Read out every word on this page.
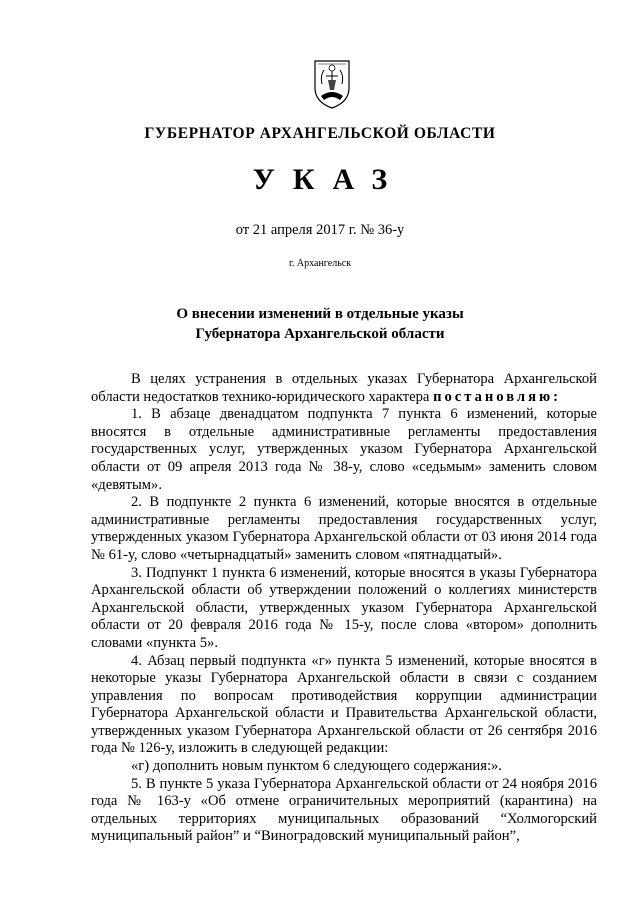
ГУБЕРНАТОР АРХАНГЕЛЬСКОЙ ОБЛАСТИ
УКАЗ
от 21 апреля 2017 г. № 36-у
г. Архангельск
О внесении изменений в отдельные указы
Губернатора Архангельской области

В целях устранения в отдельных указах Губернатора Архангельской области недостатков технико-юридического характера постановляю:

1. В абзаце двенадцатом подпункта 7 пункта 6 изменений, которые вносятся в отдельные административные регламенты предоставления государственных услуг, утвержденных указом Губернатора Архангельской области от 09 апреля 2013 года № 38-у, слово «седьмым» заменить словом «девятым».

2. В подпункте 2 пункта 6 изменений, которые вносятся в отдельные административные регламенты предоставления государственных услуг, утвержденных указом Губернатора Архангельской области от 03 июня 2014 года № 61-у, слово «четырнадцатый» заменить словом «пятнадцатый».

3. Подпункт 1 пункта 6 изменений, которые вносятся в указы Губернатора Архангельской области об утверждении положений о коллегиях министерств Архангельской области, утвержденных указом Губернатора Архангельской области от 20 февраля 2016 года № 15-у, после слова «втором» дополнить словами «пункта 5».

4. Абзац первый подпункта «г» пункта 5 изменений, которые вносятся в некоторые указы Губернатора Архангельской области в связи с созданием управления по вопросам противодействия коррупции администрации Губернатора Архангельской области и Правительства Архангельской области, утвержденных указом Губернатора Архангельской области от 26 сентября 2016 года № 126-у, изложить в следующей редакции:

«г) дополнить новым пунктом 6 следующего содержания:».

5. В пункте 5 указа Губернатора Архангельской области от 24 ноября 2016 года № 163-у «Об отмене ограничительных мероприятий (карантина) на отдельных территориях муниципальных образований “Холмогорский муниципальный район” и “Виноградовский муниципальный район”,
